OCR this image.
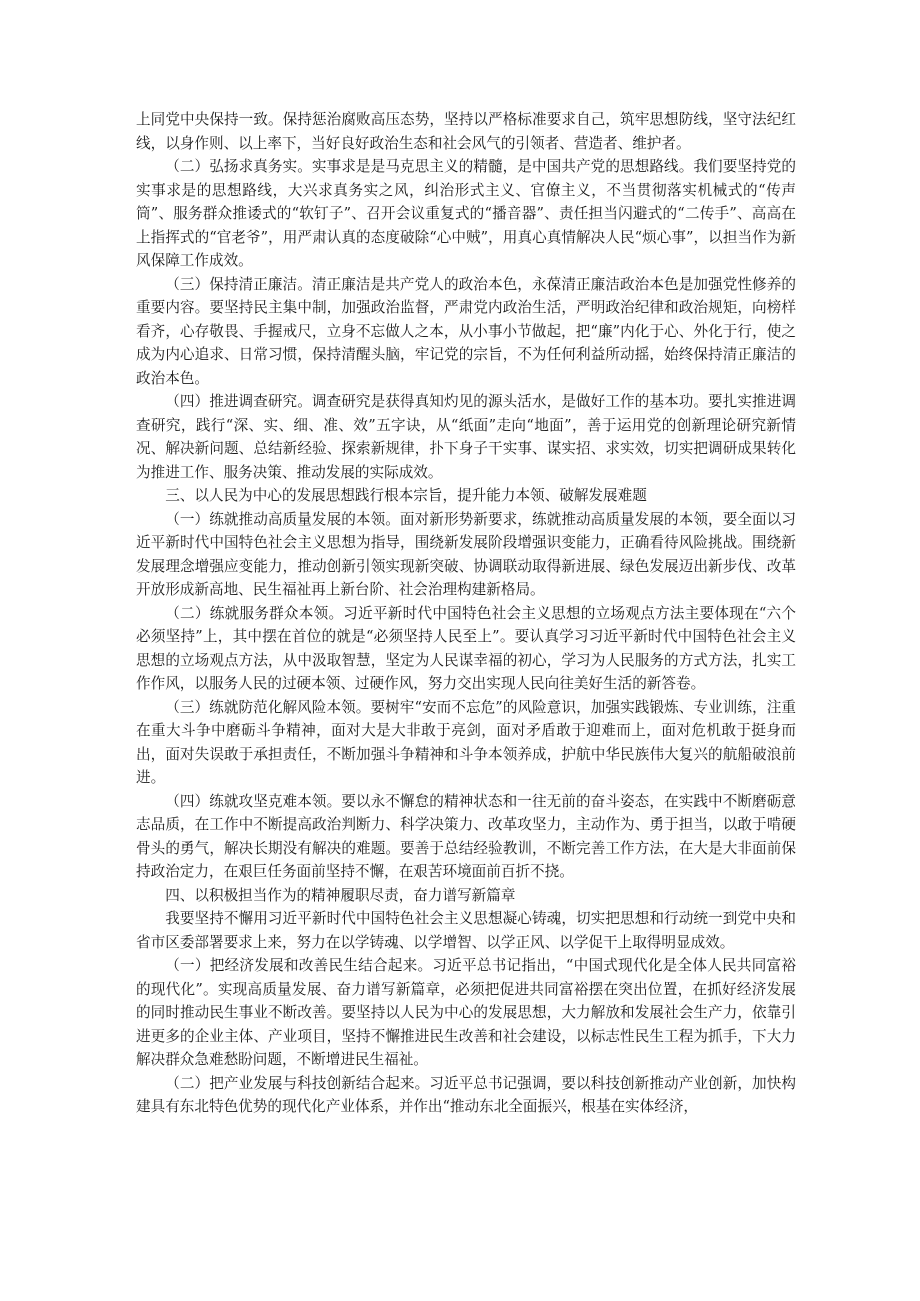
上同党中央保持一致。保持惩治腐败高压态势，坚持以严格标准要求自己，筑牢思想防线，坚守法纪红线，以身作则、以上率下，当好良好政治生态和社会风气的引领者、营造者、维护者。

（二）弘扬求真务实。实事求是是马克思主义的精髓，是中国共产党的思想路线。我们要坚持党的实事求是的思想路线，大兴求真务实之风，纠治形式主义、官僚主义，不当贯彻落实机械式的“传声筒”、服务群众推诿式的“软钉子”、召开会议重复式的“播音器”、责任担当闪避式的“二传手”、高高在上指挥式的“官老爷”，用严肃认真的态度破除“心中贼”，用真心真情解决人民“烦心事”，以担当作为新风保障工作成效。

（三）保持清正廉洁。清正廉洁是共产党人的政治本色，永葆清正廉洁政治本色是加强党性修养的重要内容。要坚持民主集中制，加强政治监督，严肃党内政治生活，严明政治纪律和政治规矩，向榜样看齐，心存敬畏、手握戒尺，立身不忘做人之本，从小事小节做起，把“廉”内化于心、外化于行，使之成为内心追求、日常习惯，保持清醒头脑，牢记党的宗旨，不为任何利益所动摇，始终保持清正廉洁的政治本色。

（四）推进调查研究。调查研究是获得真知灼见的源头活水，是做好工作的基本功。要扎实推进调查研究，践行“深、实、细、准、效”五字诀，从“纸面”走向“地面”，善于运用党的创新理论研究新情况、解决新问题、总结新经验、探索新规律，扑下身子干实事、谋实招、求实效，切实把调研成果转化为推进工作、服务决策、推动发展的实际成效。

三、以人民为中心的发展思想践行根本宗旨，提升能力本领、破解发展难题

（一）练就推动高质量发展的本领。面对新形势新要求，练就推动高质量发展的本领，要全面以习近平新时代中国特色社会主义思想为指导，围绕新发展阶段增强识变能力，正确看待风险挑战。围绕新发展理念增强应变能力，推动创新引领实现新突破、协调联动取得新进展、绿色发展迈出新步伐、改革开放形成新高地、民生福祉再上新台阶、社会治理构建新格局。

（二）练就服务群众本领。习近平新时代中国特色社会主义思想的立场观点方法主要体现在“六个必须坚持”上，其中摆在首位的就是“必须坚持人民至上”。要认真学习习近平新时代中国特色社会主义思想的立场观点方法，从中汲取智慧，坚定为人民谋幸福的初心，学习为人民服务的方式方法，扎实工作作风，以服务人民的过硬本领、过硬作风，努力交出实现人民向往美好生活的新答卷。

（三）练就防范化解风险本领。要树牢“安而不忘危”的风险意识，加强实践锻炼、专业训练，注重在重大斗争中磨砺斗争精神，面对大是大非敢于亮剑，面对矛盾敢于迎难而上，面对危机敢于挺身而出，面对失误敢于承担责任，不断加强斗争精神和斗争本领养成，护航中华民族伟大复兴的航船破浪前进。

（四）练就攻坚克难本领。要以永不懈怠的精神状态和一往无前的奋斗姿态，在实践中不断磨砺意志品质，在工作中不断提高政治判断力、科学决策力、改革攻坚力，主动作为、勇于担当，以敢于啃硬骨头的勇气，解决长期没有解决的难题。要善于总结经验教训，不断完善工作方法，在大是大非面前保持政治定力，在艰巨任务面前坚持不懈，在艰苦环境面前百折不挠。

四、以积极担当作为的精神履职尽责，奋力谱写新篇章

我要坚持不懈用习近平新时代中国特色社会主义思想凝心铸魂，切实把思想和行动统一到党中央和省市区委部署要求上来，努力在以学铸魂、以学增智、以学正风、以学促干上取得明显成效。

（一）把经济发展和改善民生结合起来。习近平总书记指出，“中国式现代化是全体人民共同富裕的现代化”。实现高质量发展、奋力谱写新篇章，必须把促进共同富裕摆在突出位置，在抓好经济发展的同时推动民生事业不断改善。要坚持以人民为中心的发展思想，大力解放和发展社会生产力，依靠引进更多的企业主体、产业项目，坚持不懈推进民生改善和社会建设，以标志性民生工程为抓手，下大力解决群众急难愁盼问题，不断增进民生福祉。

（二）把产业发展与科技创新结合起来。习近平总书记强调，要以科技创新推动产业创新，加快构建具有东北特色优势的现代化产业体系，并作出“推动东北全面振兴，根基在实体经济，
